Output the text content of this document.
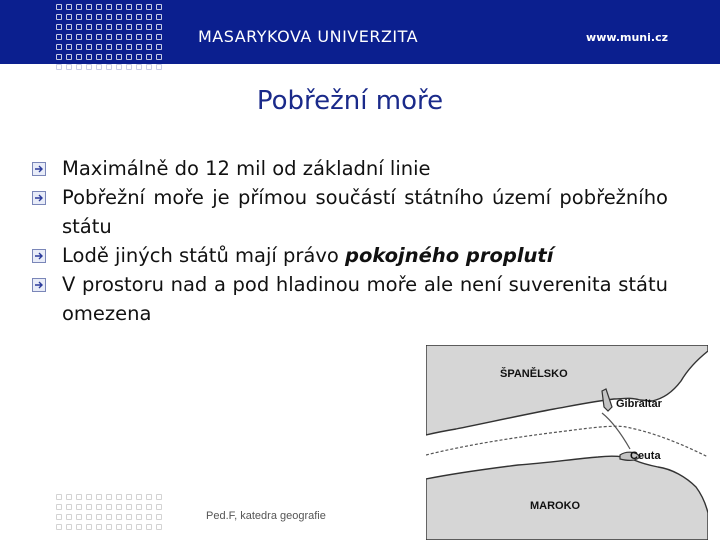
MASARYKOVA UNIVERZITA	www.muni.cz
Pobřežní moře
Maximálně do 12 mil od základní linie
Pobřežní moře je přímou součástí státního území pobřežního státu
Lodě jiných států mají právo pokojného proplutí
V prostoru nad a pod hladinou moře ale není suverenita státu omezena
ŠPANĚLSKO
Gibraltar
Ceuta
MAROKO
Ped.F, katedra geografie
